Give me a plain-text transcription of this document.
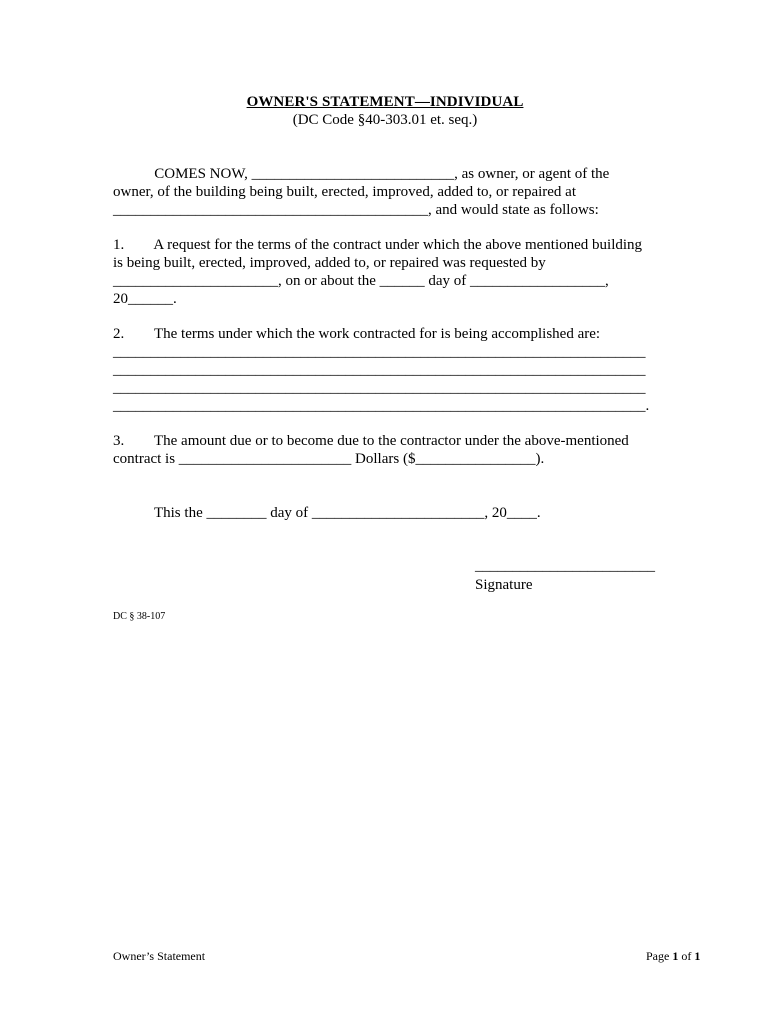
OWNER'S STATEMENT—INDIVIDUAL
(DC Code §40-303.01 et. seq.)
COMES NOW, ___________________________, as owner, or agent of the
owner, of the building being built, erected, improved, added to, or repaired at
__________________________________________, and would state as follows:
1.        A request for the terms of the contract under which the above mentioned building
is being built, erected, improved, added to, or repaired was requested by
______________________, on or about the ______ day of __________________,
20______.
2.        The terms under which the work contracted for is being accomplished are:
_______________________________________________________________________
_______________________________________________________________________
_______________________________________________________________________
_______________________________________________________________________.
3.        The amount due or to become due to the contractor under the above-mentioned
contract is _______________________ Dollars ($________________).
This the ________ day of _______________________, 20____.
________________________
Signature
DC § 38-107
Owner’s Statement	Page 1 of 1
